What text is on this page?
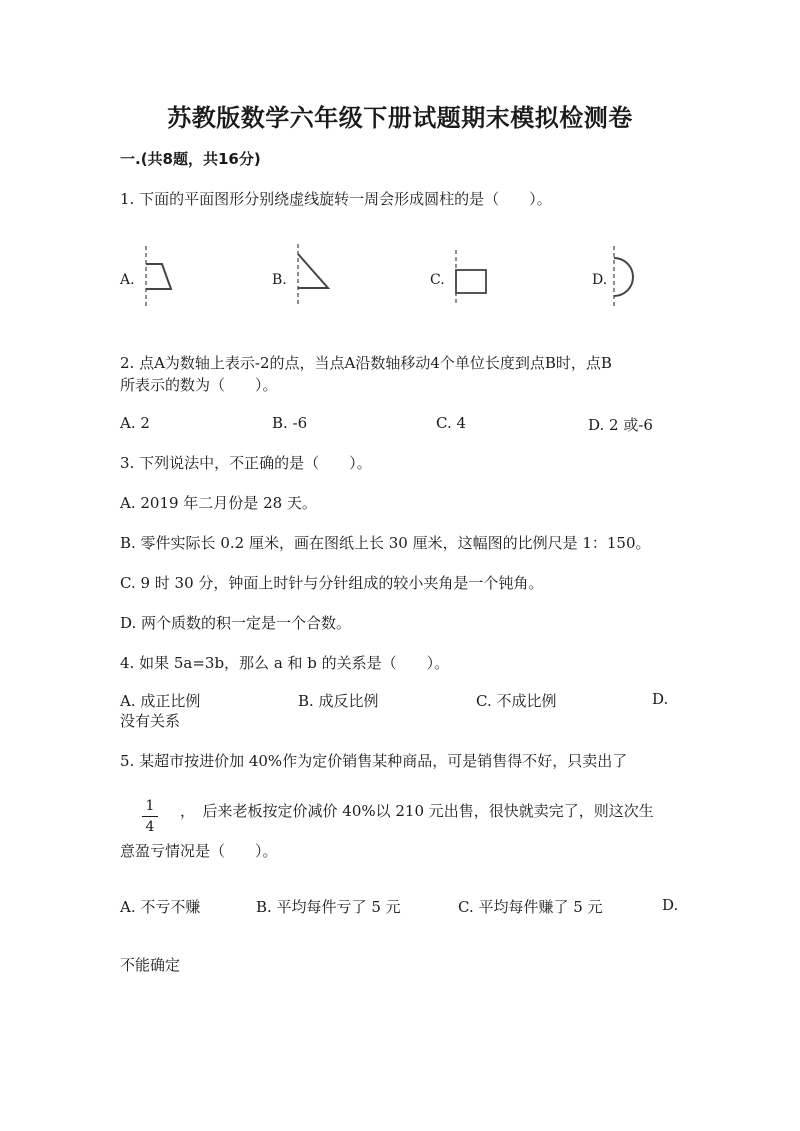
苏教版数学六年级下册试题期末模拟检测卷
一.(共8题，共16分)
1. 下面的平面图形分别绕虚线旋转一周会形成圆柱的是（　　）。
A.	B.	C.	D.
2. 点A为数轴上表示-2的点，当点A沿数轴移动4个单位长度到点B时，点B
所表示的数为（　　）。
A. 2	B. -6	C. 4	D. 2 或-6
3. 下列说法中，不正确的是（　　）。
A. 2019 年二月份是 28 天。
B. 零件实际长 0.2 厘米，画在图纸上长 30 厘米，这幅图的比例尺是 1：150。
C. 9 时 30 分，钟面上时针与分针组成的较小夹角是一个钝角。
D. 两个质数的积一定是一个合数。
4. 如果 5a=3b，那么 a 和 b 的关系是（　　）。
A. 成正比例	B. 成反比例	C. 不成比例	D.
没有关系
5. 某超市按进价加 40%作为定价销售某种商品，可是销售得不好，只卖出了
1
4
，　后来老板按定价减价 40%以 210 元出售，很快就卖完了，则这次生
意盈亏情况是（　　）。
A. 不亏不赚	B. 平均每件亏了 5 元	C. 平均每件赚了 5 元	D.
不能确定
